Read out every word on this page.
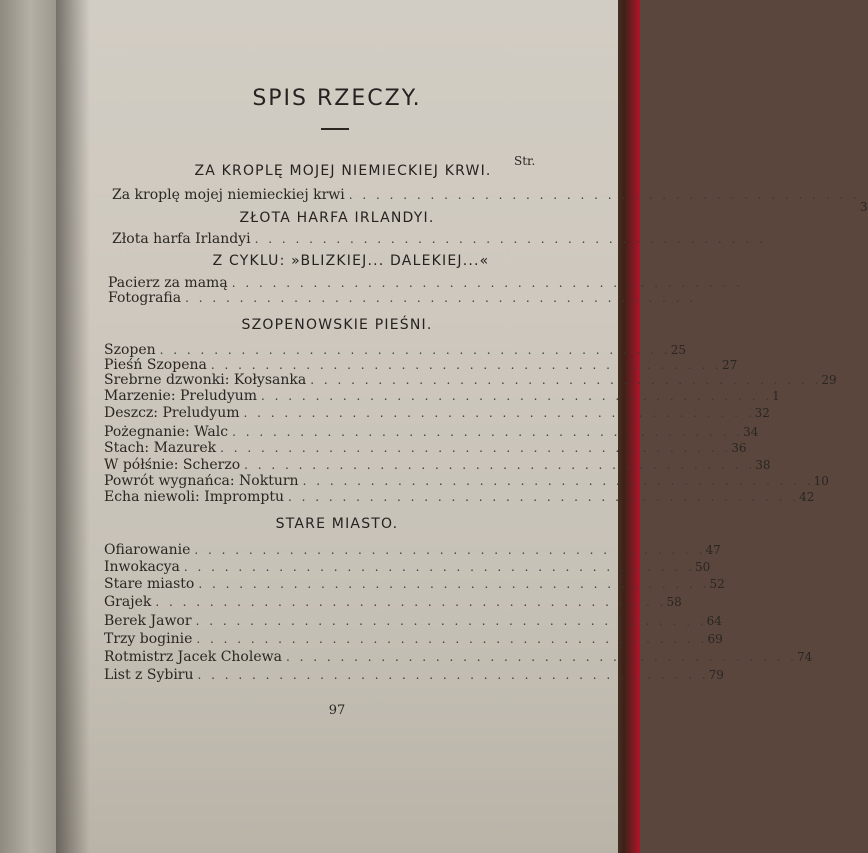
SPIS RZECZY.
Str.
ZA KROPLĘ MOJEJ NIEMIECKIEJ KRWI.
Za kroplę mojej niemieckiej krwi . . . . . . . . . . . . . . . . . . . . . . . . . . . . . . . . . . . . . .
3
ZŁOTA HARFA IRLANDYI.
Złota harfa Irlandyi . . . . . . . . . . . . . . . . . . . . . . . . . . . . . . . . . . . . . .
Z CYKLU: »BLIZKIEJ... DALEKIEJ...«
Pacierz za mamą . . . . . . . . . . . . . . . . . . . . . . . . . . . . . . . . . . . . . .
Fotografia . . . . . . . . . . . . . . . . . . . . . . . . . . . . . . . . . . . . . .
SZOPENOWSKIE PIEŚNI.
Szopen . . . . . . . . . . . . . . . . . . . . . . . . . . . . . . . . . . . . . . 25
Pieśń Szopena . . . . . . . . . . . . . . . . . . . . . . . . . . . . . . . . . . . . . . 27
Srebrne dzwonki: Kołysanka . . . . . . . . . . . . . . . . . . . . . . . . . . . . . . . . . . . . . . 29
Marzenie: Preludyum . . . . . . . . . . . . . . . . . . . . . . . . . . . . . . . . . . . . . . 1
Deszcz: Preludyum . . . . . . . . . . . . . . . . . . . . . . . . . . . . . . . . . . . . . . 32
Pożegnanie: Walc . . . . . . . . . . . . . . . . . . . . . . . . . . . . . . . . . . . . . . 34
Stach: Mazurek . . . . . . . . . . . . . . . . . . . . . . . . . . . . . . . . . . . . . . 36
W półśnie: Scherzo . . . . . . . . . . . . . . . . . . . . . . . . . . . . . . . . . . . . . . 38
Powrót wygnańca: Nokturn . . . . . . . . . . . . . . . . . . . . . . . . . . . . . . . . . . . . . . 10
Echa niewoli: Impromptu . . . . . . . . . . . . . . . . . . . . . . . . . . . . . . . . . . . . . . 42
STARE MIASTO.
Ofiarowanie . . . . . . . . . . . . . . . . . . . . . . . . . . . . . . . . . . . . . . 47
Inwokacya . . . . . . . . . . . . . . . . . . . . . . . . . . . . . . . . . . . . . . 50
Stare miasto . . . . . . . . . . . . . . . . . . . . . . . . . . . . . . . . . . . . . . 52
Grajek . . . . . . . . . . . . . . . . . . . . . . . . . . . . . . . . . . . . . . 58
Berek Jawor . . . . . . . . . . . . . . . . . . . . . . . . . . . . . . . . . . . . . . 64
Trzy boginie . . . . . . . . . . . . . . . . . . . . . . . . . . . . . . . . . . . . . . 69
Rotmistrz Jacek Cholewa . . . . . . . . . . . . . . . . . . . . . . . . . . . . . . . . . . . . . . 74
List z Sybiru . . . . . . . . . . . . . . . . . . . . . . . . . . . . . . . . . . . . . . 79
97
